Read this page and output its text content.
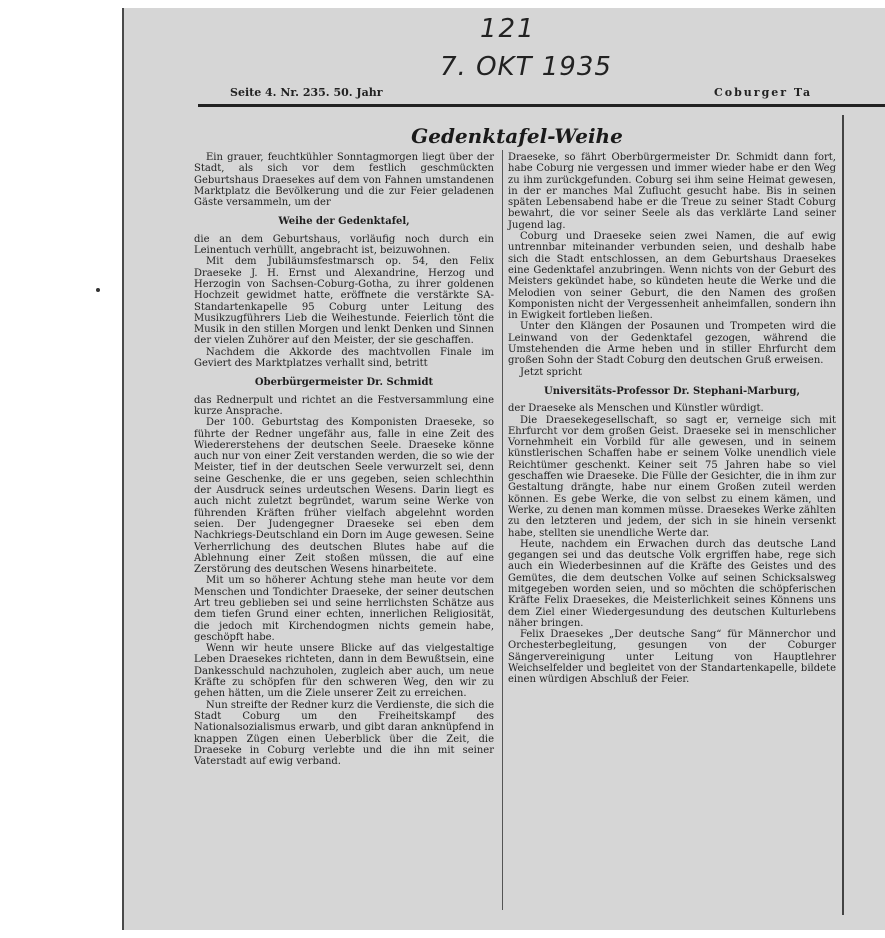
121
7. OKT 1935
Seite 4. Nr. 235. 50. Jahr	Coburger Ta
Gedenktafel-Weihe

Ein grauer, feuchtkühler Sonntagmorgen liegt über der Stadt, als sich vor dem festlich geschmückten Geburtshaus Draesekes auf dem von Fahnen umstandenen Marktplatz die Bevölkerung und die zur Feier geladenen Gäste versammeln, um der

Weihe der Gedenktafel,

die an dem Geburtshaus, vorläufig noch durch ein Leinentuch verhüllt, angebracht ist, beizuwohnen.

Mit dem Jubiläumsfestmarsch op. 54, den Felix Draeseke J. H. Ernst und Alexandrine, Herzog und Herzogin von Sachsen-Coburg-Gotha, zu ihrer goldenen Hochzeit gewidmet hatte, eröffnete die verstärkte SA-Standartenkapelle 95 Coburg unter Leitung des Musikzugführers Lieb die Weihestunde. Feierlich tönt die Musik in den stillen Morgen und lenkt Denken und Sinnen der vielen Zuhörer auf den Meister, der sie geschaffen.

Nachdem die Akkorde des machtvollen Finale im Geviert des Marktplatzes verhallt sind, betritt

Oberbürgermeister Dr. Schmidt

das Rednerpult und richtet an die Festversammlung eine kurze Ansprache.

Der 100. Geburtstag des Komponisten Draeseke, so führte der Redner ungefähr aus, falle in eine Zeit des Wiedererstehens der deutschen Seele. Draeseke könne auch nur von einer Zeit verstanden werden, die so wie der Meister, tief in der deutschen Seele verwurzelt sei, denn seine Geschenke, die er uns gegeben, seien schlechthin der Ausdruck seines urdeutschen Wesens. Darin liegt es auch nicht zuletzt begründet, warum seine Werke von führenden Kräften früher vielfach abgelehnt worden seien. Der Judengegner Draeseke sei eben dem Nachkriegs-Deutschland ein Dorn im Auge gewesen. Seine Verherrlichung des deutschen Blutes habe auf die Ablehnung einer Zeit stoßen müssen, die auf eine Zerstörung des deutschen Wesens hinarbeitete.

Mit um so höherer Achtung stehe man heute vor dem Menschen und Tondichter Draeseke, der seiner deutschen Art treu geblieben sei und seine herrlichsten Schätze aus dem tiefen Grund einer echten, innerlichen Religiosität, die jedoch mit Kirchendogmen nichts gemein habe, geschöpft habe.

Wenn wir heute unsere Blicke auf das vielgestaltige Leben Draesekes richteten, dann in dem Bewußtsein, eine Dankesschuld nachzuholen, zugleich aber auch, um neue Kräfte zu schöpfen für den schweren Weg, den wir zu gehen hätten, um die Ziele unserer Zeit zu erreichen.

Nun streifte der Redner kurz die Verdienste, die sich die Stadt Coburg um den Freiheitskampf des Nationalsozialismus erwarb, und gibt daran anknüpfend in knappen Zügen einen Ueberblick über die Zeit, die Draeseke in Coburg verlebte und die ihn mit seiner Vaterstadt auf ewig verband.

Draeseke, so fährt Oberbürgermeister Dr. Schmidt dann fort, habe Coburg nie vergessen und immer wieder habe er den Weg zu ihm zurückgefunden. Coburg sei ihm seine Heimat gewesen, in der er manches Mal Zuflucht gesucht habe. Bis in seinen späten Lebensabend habe er die Treue zu seiner Stadt Coburg bewahrt, die vor seiner Seele als das verklärte Land seiner Jugend lag.

Coburg und Draeseke seien zwei Namen, die auf ewig untrennbar miteinander verbunden seien, und deshalb habe sich die Stadt entschlossen, an dem Geburtshaus Draesekes eine Gedenktafel anzubringen. Wenn nichts von der Geburt des Meisters gekündet habe, so kündeten heute die Werke und die Melodien von seiner Geburt, die den Namen des großen Komponisten nicht der Vergessenheit anheimfallen, sondern ihn in Ewigkeit fortleben ließen.

Unter den Klängen der Posaunen und Trompeten wird die Leinwand von der Gedenktafel gezogen, während die Umstehenden die Arme heben und in stiller Ehrfurcht dem großen Sohn der Stadt Coburg den deutschen Gruß erweisen.

Jetzt spricht

Universitäts-Professor Dr. Stephani-Marburg,

der Draeseke als Menschen und Künstler würdigt.

Die Draesekegesellschaft, so sagt er, verneige sich mit Ehrfurcht vor dem großen Geist. Draeseke sei in menschlicher Vornehmheit ein Vorbild für alle gewesen, und in seinem künstlerischen Schaffen habe er seinem Volke unendlich viele Reichtümer geschenkt. Keiner seit 75 Jahren habe so viel geschaffen wie Draeseke. Die Fülle der Gesichter, die in ihm zur Gestaltung drängte, habe nur einem Großen zuteil werden können. Es gebe Werke, die von selbst zu einem kämen, und Werke, zu denen man kommen müsse. Draesekes Werke zählten zu den letzteren und jedem, der sich in sie hinein versenkt habe, stellten sie unendliche Werte dar.

Heute, nachdem ein Erwachen durch das deutsche Land gegangen sei und das deutsche Volk ergriffen habe, rege sich auch ein Wiederbesinnen auf die Kräfte des Geistes und des Gemütes, die dem deutschen Volke auf seinen Schicksalsweg mitgegeben worden seien, und so möchten die schöpferischen Kräfte Felix Draesekes, die Meisterlichkeit seines Könnens uns dem Ziel einer Wiedergesundung des deutschen Kulturlebens näher bringen.

Felix Draesekes „Der deutsche Sang“ für Männerchor und Orchesterbegleitung, gesungen von der Coburger Sängervereinigung unter Leitung von Hauptlehrer Weichselfelder und begleitet von der Standartenkapelle, bildete einen würdigen Abschluß der Feier.
